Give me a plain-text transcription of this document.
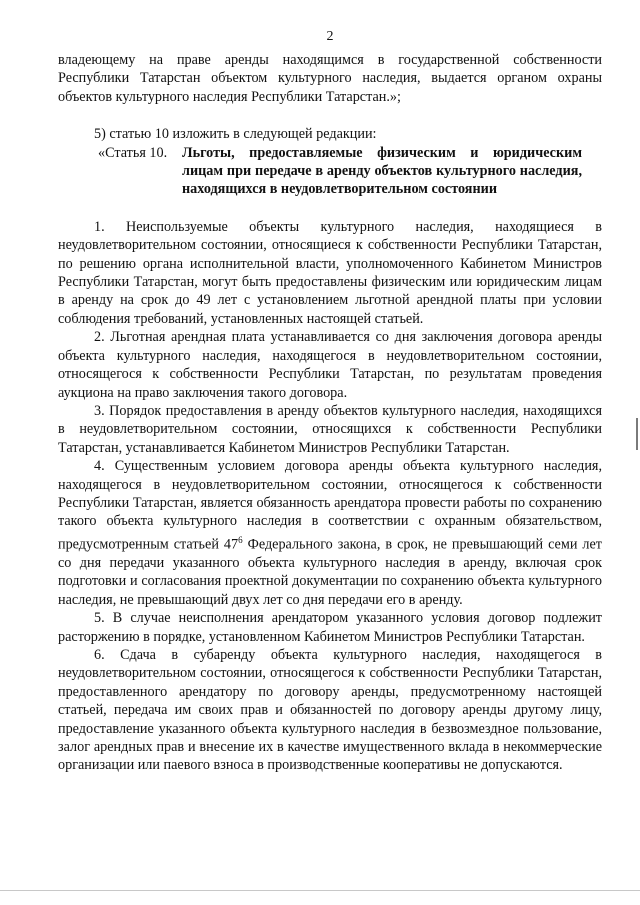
2

владеющему на праве аренды находящимся в государственной собственности Республики Татарстан объектом культурного наследия, выдается органом охраны объектов культурного наследия Республики Татарстан.»;

5) статью 10 изложить в следующей редакции:

«Статья 10.	Льготы, предоставляемые физическим и юридическим лицам при передаче в аренду объектов культурного наследия, находящихся в неудовлетворительном состоянии

1. Неиспользуемые объекты культурного наследия, находящиеся в неудовлетворительном состоянии, относящиеся к собственности Республики Татарстан, по решению органа исполнительной власти, уполномоченного Кабинетом Министров Республики Татарстан, могут быть предоставлены физическим или юридическим лицам в аренду на срок до 49 лет с установлением льготной арендной платы при условии соблюдения требований, установленных настоящей статьей.

2. Льготная арендная плата устанавливается со дня заключения договора аренды объекта культурного наследия, находящегося в неудовлетворительном состоянии, относящегося к собственности Республики Татарстан, по результатам проведения аукциона на право заключения такого договора.

3. Порядок предоставления в аренду объектов культурного наследия, находящихся в неудовлетворительном состоянии, относящихся к собственности Республики Татарстан, устанавливается Кабинетом Министров Республики Татарстан.

4. Существенным условием договора аренды объекта культурного наследия, находящегося в неудовлетворительном состоянии, относящегося к собственности Республики Татарстан, является обязанность арендатора провести работы по сохранению такого объекта культурного наследия в соответствии с охранным обязательством, предусмотренным статьей $47^6$ Федерального закона, в срок, не превышающий семи лет со дня передачи указанного объекта культурного наследия в аренду, включая срок подготовки и согласования проектной документации по сохранению объекта культурного наследия, не превышающий двух лет со дня передачи его в аренду.

5. В случае неисполнения арендатором указанного условия договор подлежит расторжению в порядке, установленном Кабинетом Министров Республики Татарстан.

6. Сдача в субаренду объекта культурного наследия, находящегося в неудовлетворительном состоянии, относящегося к собственности Республики Татарстан, предоставленного арендатору по договору аренды, предусмотренному настоящей статьей, передача им своих прав и обязанностей по договору аренды другому лицу, предоставление указанного объекта культурного наследия в безвозмездное пользование, залог арендных прав и внесение их в качестве имущественного вклада в некоммерческие организации или паевого взноса в производственные кооперативы не допускаются.
